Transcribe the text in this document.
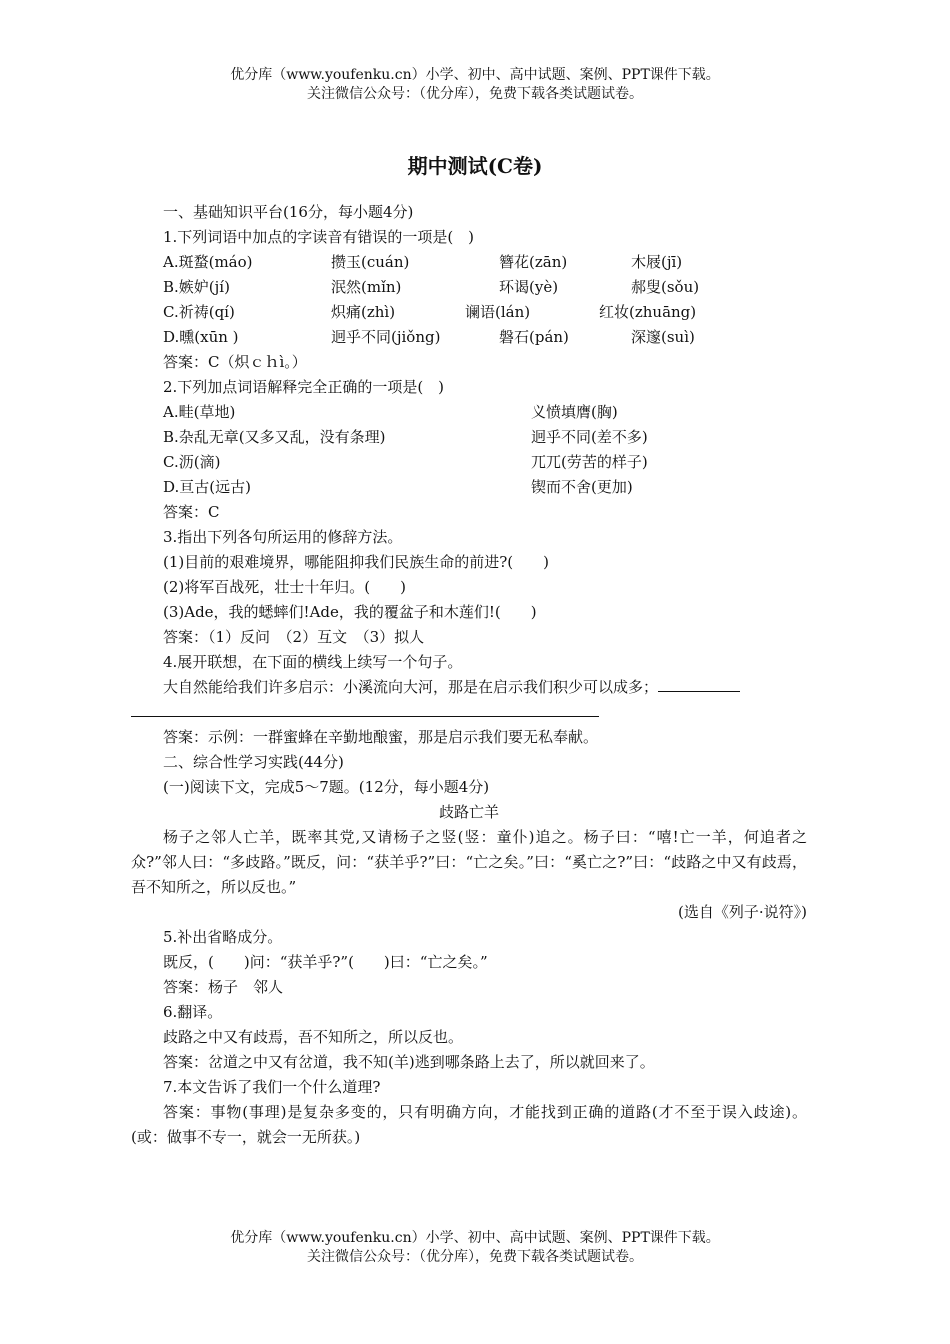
优分库（www.youfenku.cn）小学、初中、高中试题、案例、PPT课件下载。
关注微信公众号：（优分库），免费下载各类试题试卷。
期中测试(C卷)
一、基础知识平台(16分，每小题4分)
1.下列词语中加点的字读音有错误的一项是(　)
A.斑蝥(máo)	攒玉(cuán)	簪花(zān)	木屐(jī)
B.嫉妒(jí)	泯然(mǐn)	环谒(yè)	郝叟(sǒu)
C.祈祷(qí)	炽痛(zhì)	谰语(lán)	红妆(zhuāng)
D.曛(xūn )	迥乎不同(jiǒng)	磐石(pán)	深邃(suì)
答案：C（炽ｃｈì。）
2.下列加点词语解释完全正确的一项是(　)
A.畦(草地)	义愤填膺(胸)
B.杂乱无章(又多又乱，没有条理)	迥乎不同(差不多)
C.沥(滴)	兀兀(劳苦的样子)
D.亘古(远古)	锲而不舍(更加)
答案：C
3.指出下列各句所运用的修辞方法。
(1)目前的艰难境界，哪能阻抑我们民族生命的前进?(　　)
(2)将军百战死，壮士十年归。(　　)
(3)Ade，我的蟋蟀们!Ade，我的覆盆子和木莲们!(　　)
答案：（1）反问　（2）互文　（3）拟人
4.展开联想，在下面的横线上续写一个句子。
大自然能给我们许多启示：小溪流向大河，那是在启示我们积少可以成多；
答案：示例：一群蜜蜂在辛勤地酿蜜，那是启示我们要无私奉献。
二、综合性学习实践(44分)
(一)阅读下文，完成5～7题。(12分，每小题4分)
歧路亡羊
杨子之邻人亡羊，既率其党,又请杨子之竖(竖：童仆)追之。杨子曰：“嘻!亡一羊，何追者之众?”邻人曰：“多歧路。”既反，问：“获羊乎?”曰：“亡之矣。”曰：“奚亡之?”曰：“歧路之中又有歧焉，吾不知所之，所以反也。”
(选自《列子·说符》)
5.补出省略成分。
既反，(　　)问：“获羊乎?”(　　)曰：“亡之矣。”
答案：杨子　邻人
6.翻译。
歧路之中又有歧焉，吾不知所之，所以反也。
答案：岔道之中又有岔道，我不知(羊)逃到哪条路上去了，所以就回来了。
7.本文告诉了我们一个什么道理?
答案：事物(事理)是复杂多变的，只有明确方向，才能找到正确的道路(才不至于误入歧途)。(或：做事不专一，就会一无所获。)
优分库（www.youfenku.cn）小学、初中、高中试题、案例、PPT课件下载。
关注微信公众号：（优分库），免费下载各类试题试卷。
